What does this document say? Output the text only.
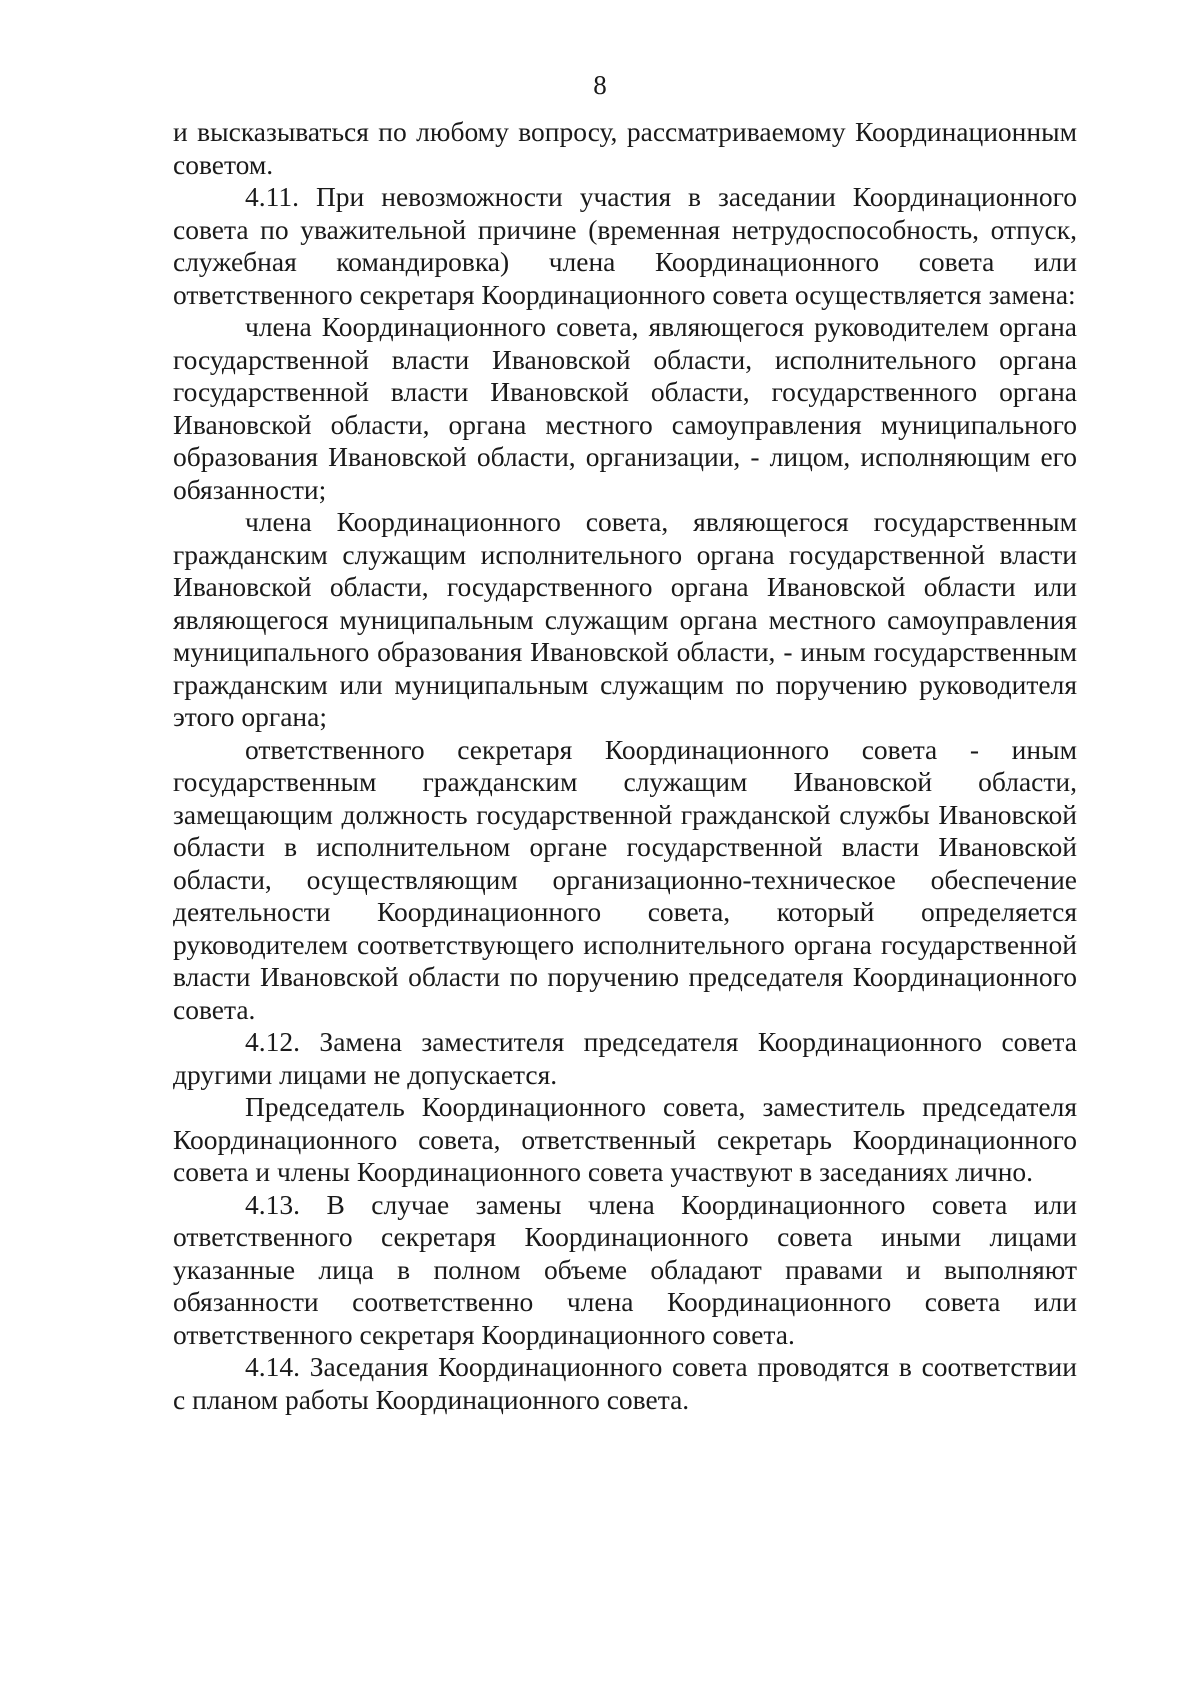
8

и высказываться по любому вопросу, рассматриваемому Координационным советом.

4.11. При невозможности участия в заседании Координационного совета по уважительной причине (временная нетрудоспособность, отпуск, служебная командировка) члена Координационного совета или ответственного секретаря Координационного совета осуществляется замена:

члена Координационного совета, являющегося руководителем органа государственной власти Ивановской области, исполнительного органа государственной власти Ивановской области, государственного органа Ивановской области, органа местного самоуправления муниципального образования Ивановской области, организации, - лицом, исполняющим его обязанности;

члена Координационного совета, являющегося государственным гражданским служащим исполнительного органа государственной власти Ивановской области, государственного органа Ивановской области или являющегося муниципальным служащим органа местного самоуправления муниципального образования Ивановской области, - иным государственным гражданским или муниципальным служащим по поручению руководителя этого органа;

ответственного секретаря Координационного совета - иным государственным гражданским служащим Ивановской области, замещающим должность государственной гражданской службы Ивановской области в исполнительном органе государственной власти Ивановской области, осуществляющим организационно-техническое обеспечение деятельности Координационного совета, который определяется руководителем соответствующего исполнительного органа государственной власти Ивановской области по поручению председателя Координационного совета.

4.12. Замена заместителя председателя Координационного совета другими лицами не допускается.

Председатель Координационного совета, заместитель председателя Координационного совета, ответственный секретарь Координационного совета и члены Координационного совета участвуют в заседаниях лично.

4.13. В случае замены члена Координационного совета или ответственного секретаря Координационного совета иными лицами указанные лица в полном объеме обладают правами и выполняют обязанности соответственно члена Координационного совета или ответственного секретаря Координационного совета.

4.14. Заседания Координационного совета проводятся в соответствии с планом работы Координационного совета.
